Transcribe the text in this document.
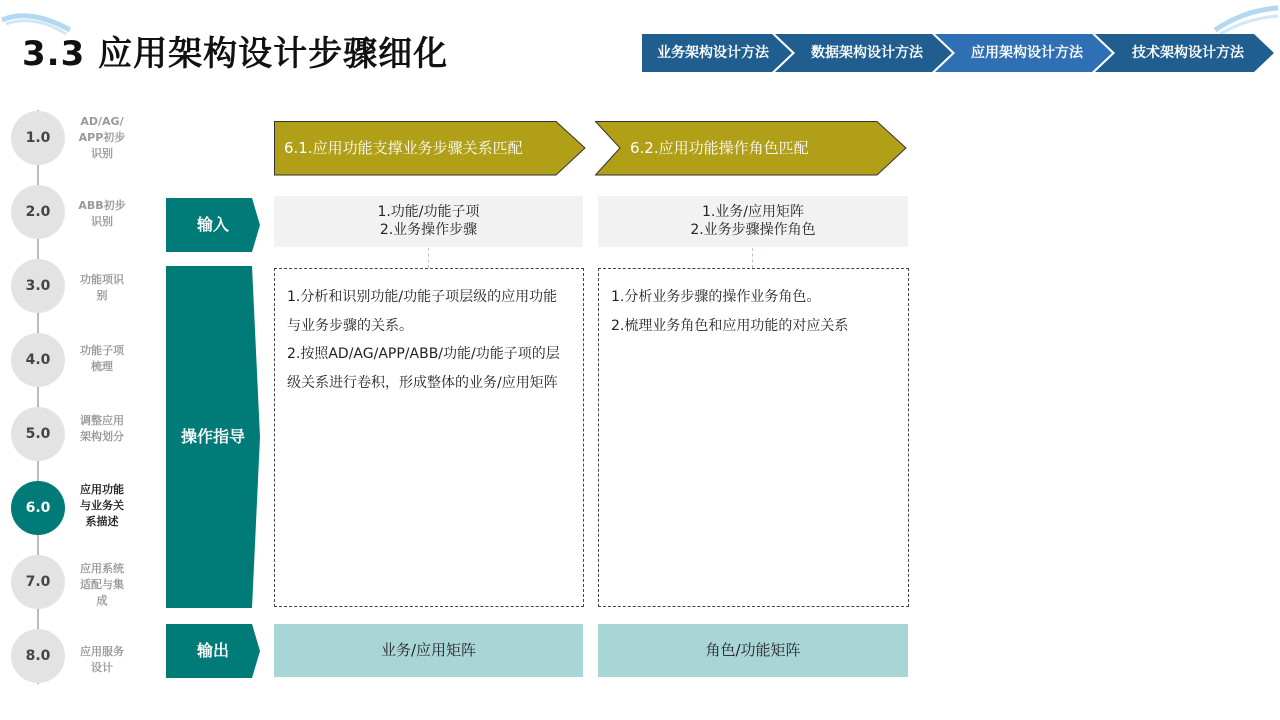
3.3 应用架构设计步骤细化	业务架构设计方法	数据架构设计方法	应用架构设计方法	技术架构设计方法
1.0
AD/AG/
APP初步
识别
2.0	ABB初步
识别
3.0	功能项识
别
4.0
功能子项
梳理
5.0
调整应用
架构划分
6.0
应用功能
与业务关
系描述
7.0
应用系统
适配与集
成
8.0	应用服务
设计
输入
操作指导
输出
6.1.应用功能支撑业务步骤关系匹配	6.2.应用功能操作角色匹配
1.功能/功能子项
2.业务操作步骤
1.业务/应用矩阵
2.业务步骤操作角色
1.分析和识别功能/功能子项层级的应用功能与业务步骤的关系。
2.按照AD/AG/APP/ABB/功能/功能子项的层级关系进行卷积，形成整体的业务/应用矩阵
1.分析业务步骤的操作业务角色。
2.梳理业务角色和应用功能的对应关系
业务/应用矩阵	角色/功能矩阵
